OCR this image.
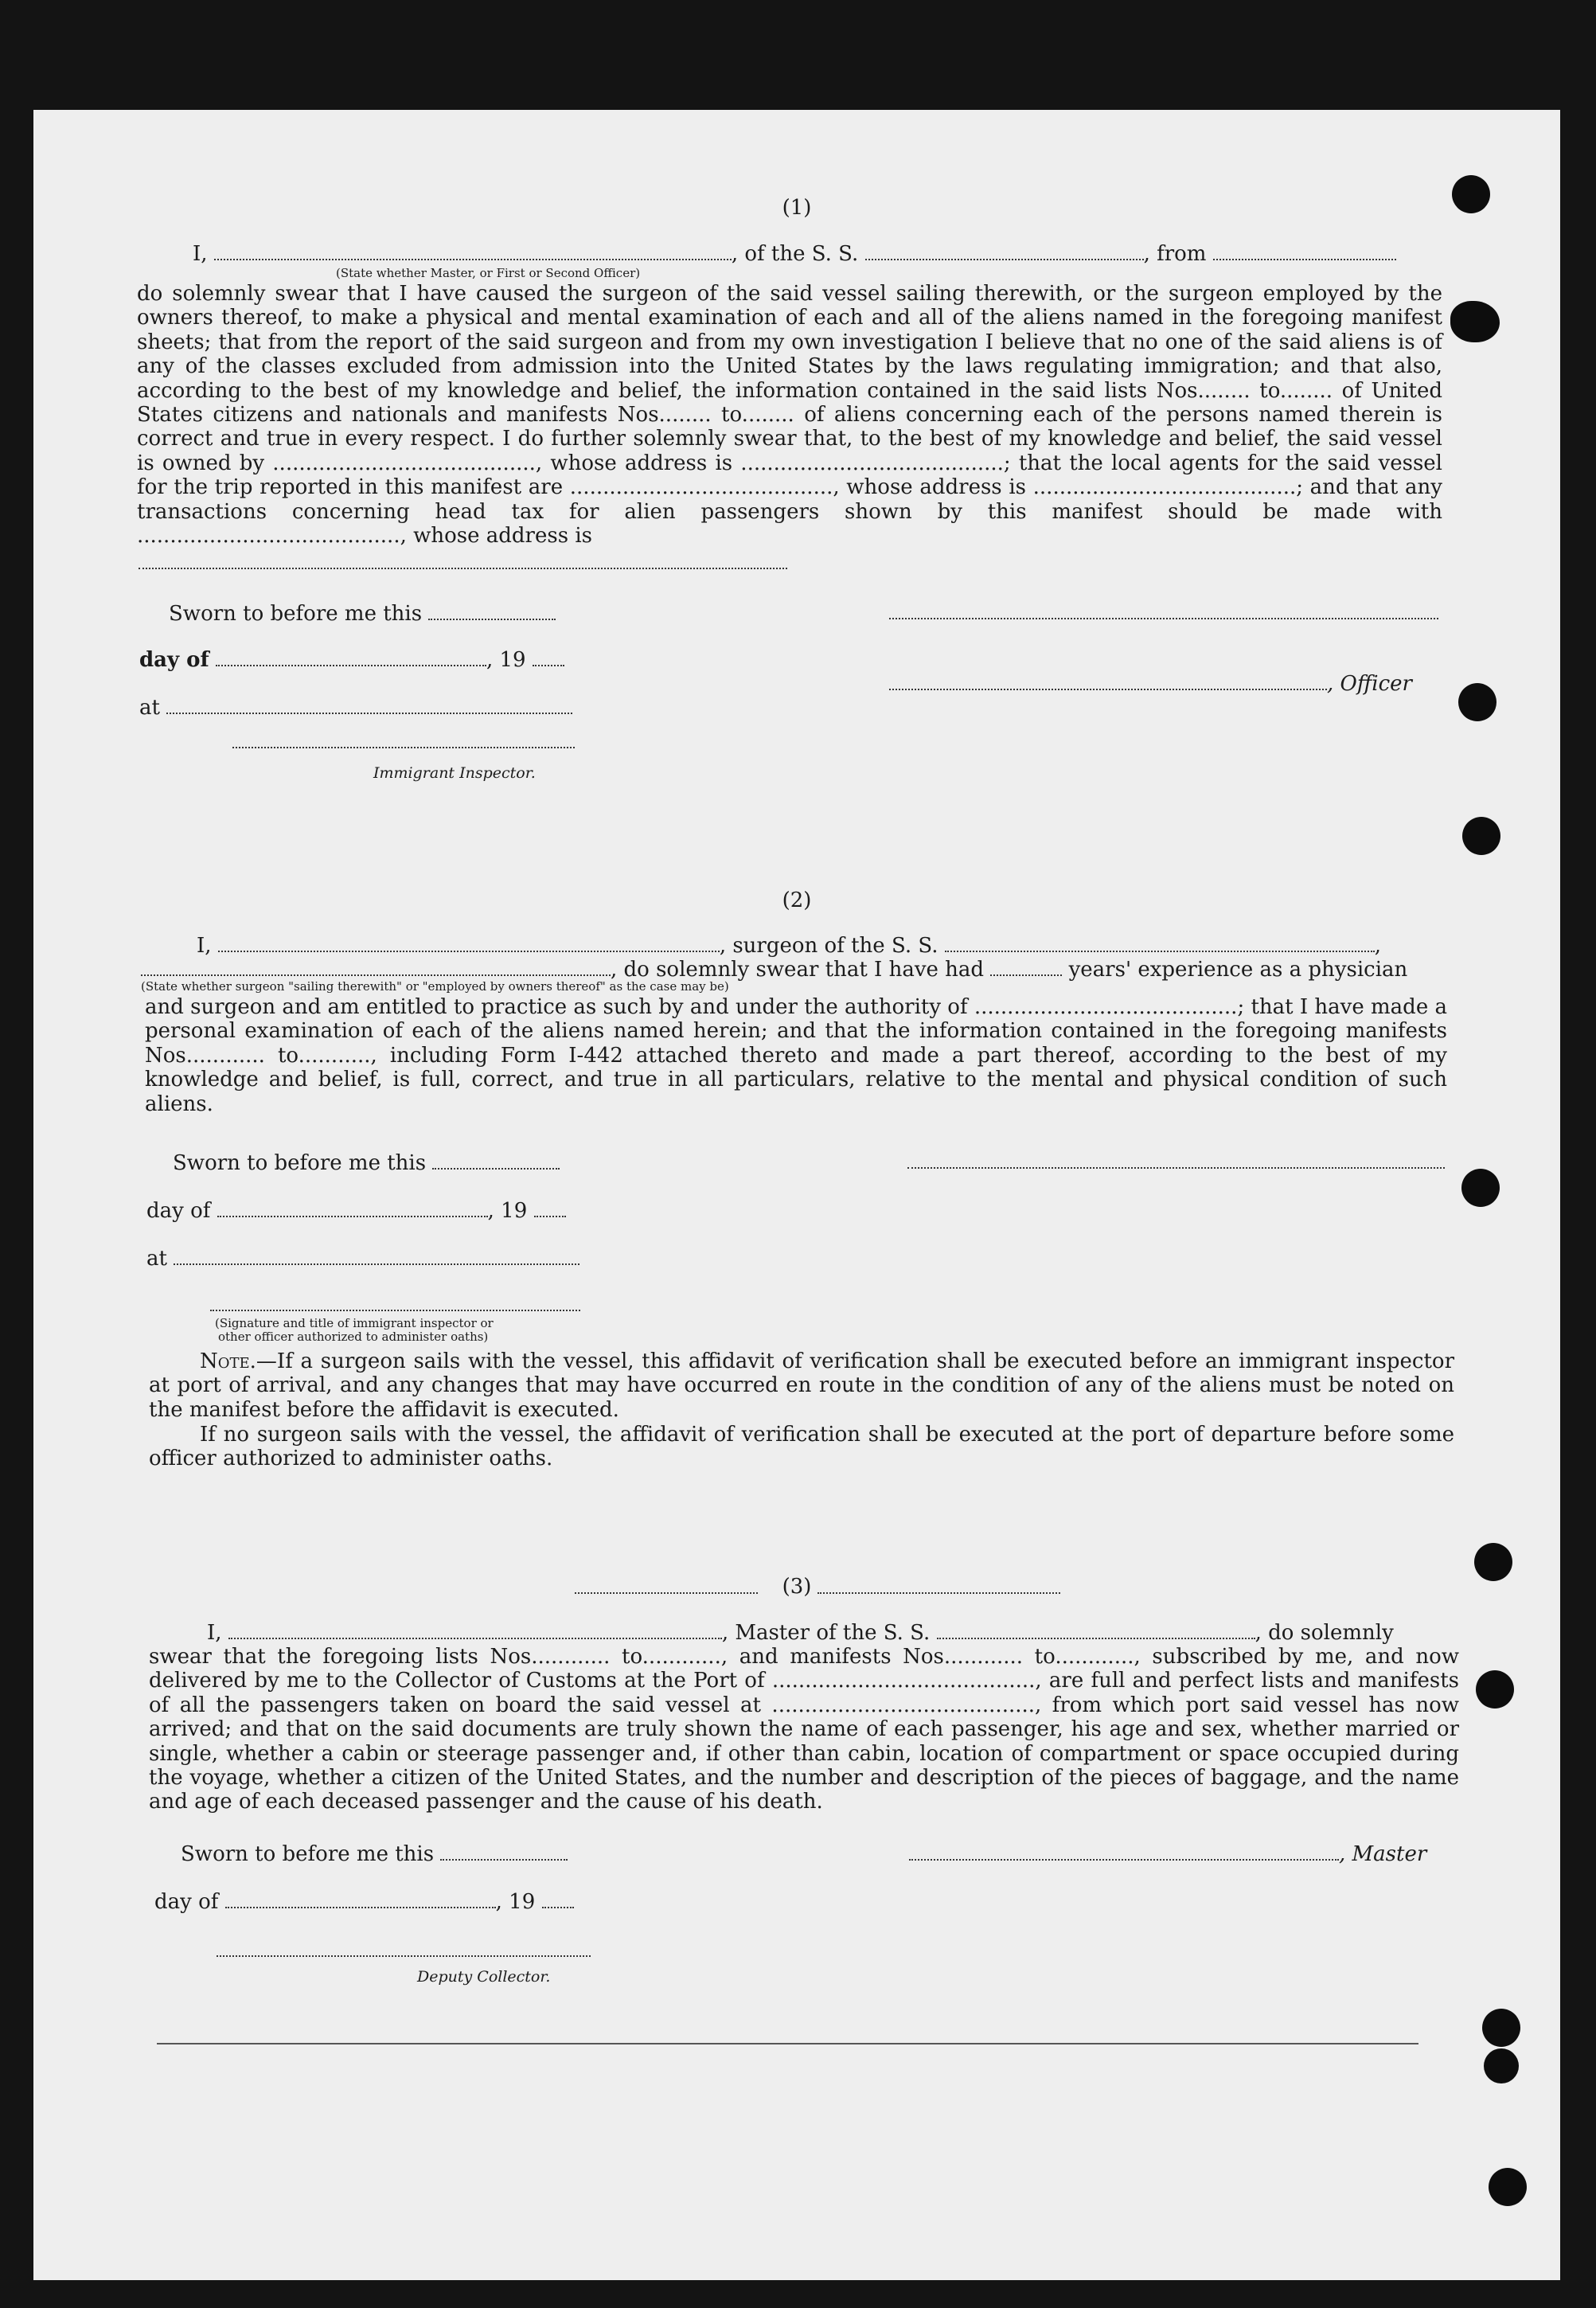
(1)
I,	, of the S. S.	, from
(State whether Master, or First or Second Officer)
do solemnly swear that I have caused the surgeon of the said vessel sailing therewith, or the surgeon employed by the owners thereof, to make a physical and mental examination of each and all of the aliens named in the foregoing manifest sheets; that from the report of the said surgeon and from my own investigation I believe that no one of the said aliens is of any of the classes excluded from admission into the United States by the laws regulating immigration; and that also, according to the best of my knowledge and belief, the information contained in the said lists Nos........ to........ of United States citizens and nationals and manifests Nos........ to........ of aliens concerning each of the persons named therein is correct and true in every respect. I do further solemnly swear that, to the best of my knowledge and belief, the said vessel is owned by ........................................, whose address is ........................................; that the local agents for the said vessel for the trip reported in this manifest are ........................................, whose address is ........................................; and that any transactions concerning head tax for alien passengers shown by this manifest should be made with ........................................, whose address is
Sworn to before me this
day of	, 19
, Officer
at
Immigrant Inspector.
(2)
I,	, surgeon of the S. S.	,
, do solemnly swear that I have had	years' experience as a physician
(State whether surgeon "sailing therewith" or "employed by owners thereof" as the case may be)
and surgeon and am entitled to practice as such by and under the authority of ........................................; that I have made a personal examination of each of the aliens named herein; and that the information contained in the foregoing manifests Nos............ to..........., including Form I-442 attached thereto and made a part thereof, according to the best of my knowledge and belief, is full, correct, and true in all particulars, relative to the mental and physical condition of such aliens.
Sworn to before me this
day of	, 19
at
(Signature and title of immigrant inspector or
other officer authorized to administer oaths)
Note.—If a surgeon sails with the vessel, this affidavit of verification shall be executed before an immigrant inspector at port of arrival, and any changes that may have occurred en route in the condition of any of the aliens must be noted on the manifest before the affidavit is executed.
If no surgeon sails with the vessel, the affidavit of verification shall be executed at the port of departure before some officer authorized to administer oaths.
(3)
I,	, Master of the S. S.	, do solemnly
swear that the foregoing lists Nos............ to............, and manifests Nos............ to............, subscribed by me, and now delivered by me to the Collector of Customs at the Port of ........................................, are full and perfect lists and manifests of all the passengers taken on board the said vessel at ........................................, from which port said vessel has now arrived; and that on the said documents are truly shown the name of each passenger, his age and sex, whether married or single, whether a cabin or steerage passenger and, if other than cabin, location of compartment or space occupied during the voyage, whether a citizen of the United States, and the number and description of the pieces of baggage, and the name and age of each deceased passenger and the cause of his death.
Sworn to before me this	, Master
day of	, 19
Deputy Collector.
